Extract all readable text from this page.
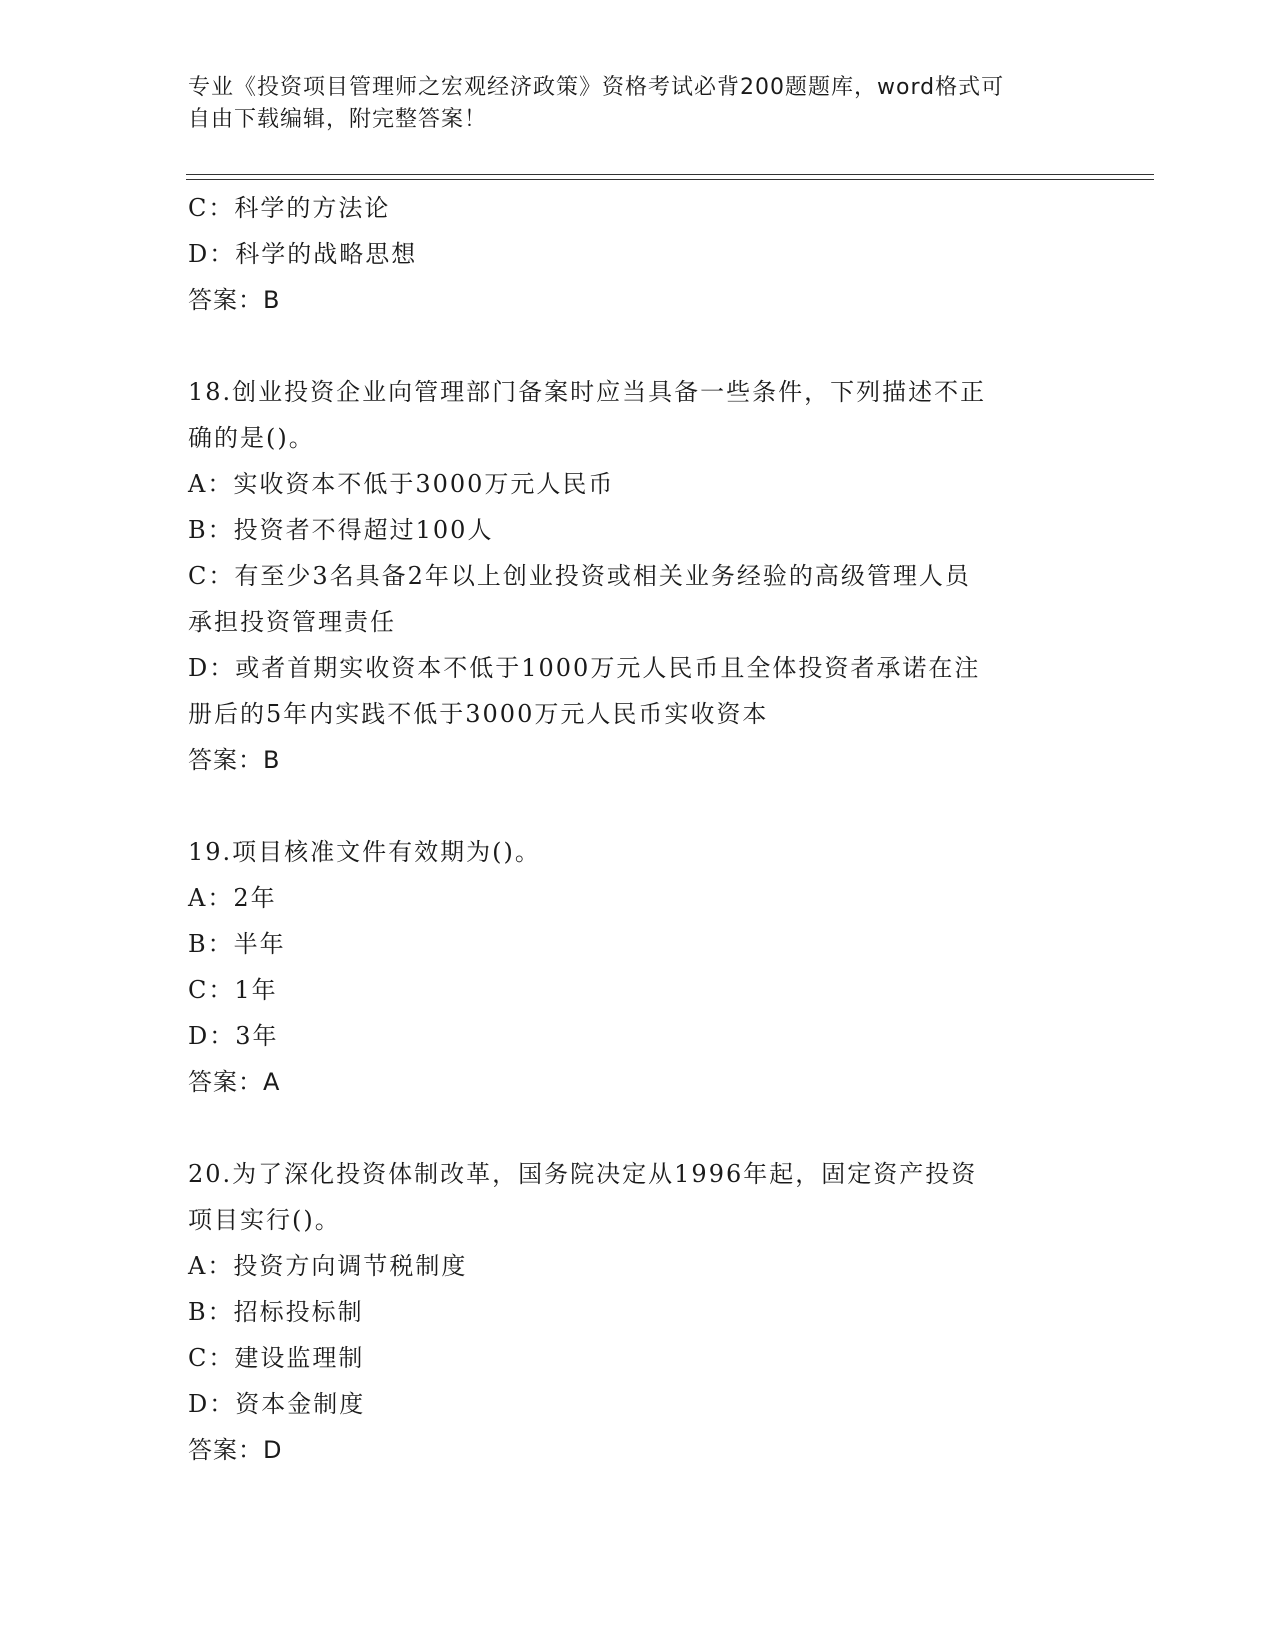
专业《投资项目管理师之宏观经济政策》资格考试必背200题题库，word格式可
自由下载编辑，附完整答案！
C：科学的方法论
D：科学的战略思想
答案：B
18.创业投资企业向管理部门备案时应当具备一些条件，下列描述不正
确的是()。
A：实收资本不低于3000万元人民币
B：投资者不得超过100人
C：有至少3名具备2年以上创业投资或相关业务经验的高级管理人员
承担投资管理责任
D：或者首期实收资本不低于1000万元人民币且全体投资者承诺在注
册后的5年内实践不低于3000万元人民币实收资本
答案：B
19.项目核准文件有效期为()。
A：2年
B：半年
C：1年
D：3年
答案：A
20.为了深化投资体制改革，国务院决定从1996年起，固定资产投资
项目实行()。
A：投资方向调节税制度
B：招标投标制
C：建设监理制
D：资本金制度
答案：D
